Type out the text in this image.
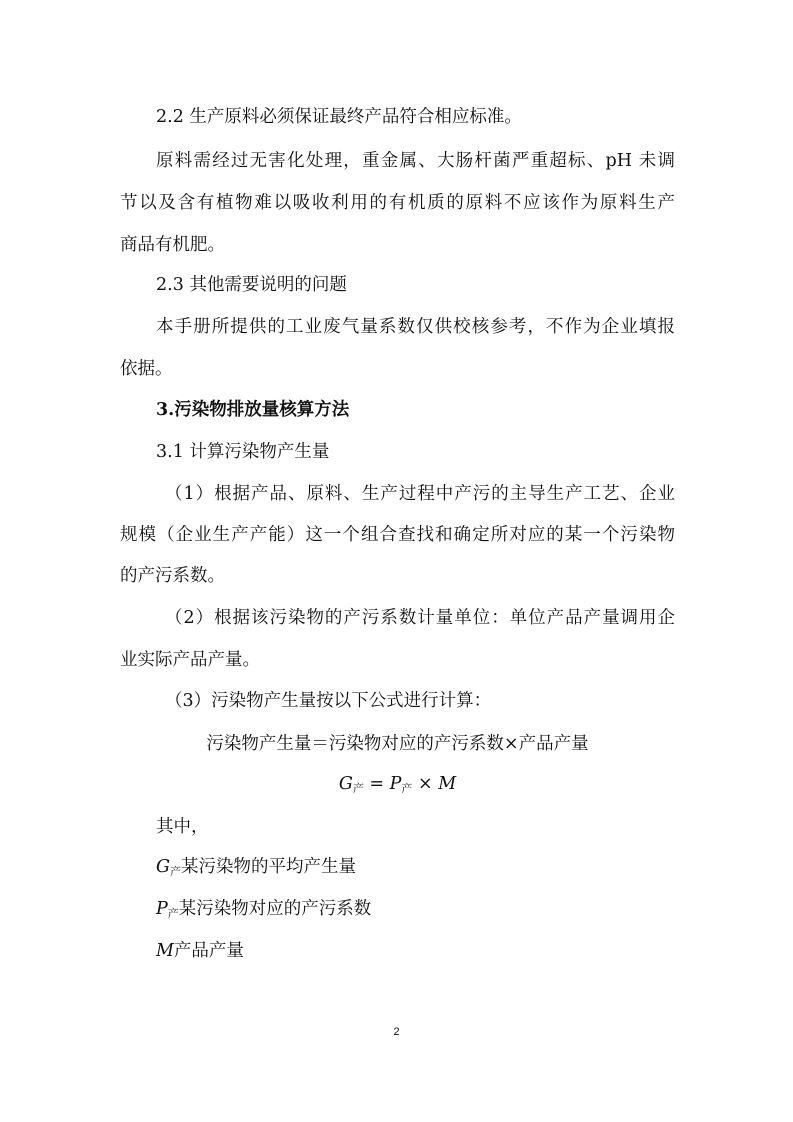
2.2 生产原料必须保证最终产品符合相应标准。
原料需经过无害化处理，重金属、大肠杆菌严重超标、pH 未调
节以及含有植物难以吸收利用的有机质的原料不应该作为原料生产
商品有机肥。
2.3 其他需要说明的问题
本手册所提供的工业废气量系数仅供校核参考，不作为企业填报
依据。
3.污染物排放量核算方法
3.1 计算污染物产生量
（1）根据产品、原料、生产过程中产污的主导生产工艺、企业
规模（企业生产产能）这一个组合查找和确定所对应的某一个污染物
的产污系数。
（2）根据该污染物的产污系数计量单位：单位产品产量调用企
业实际产品产量。
（3）污染物产生量按以下公式进行计算：
污染物产生量＝污染物对应的产污系数×产品产量
$G_产 = P_产 \times M$
其中，
$G_产$某污染物的平均产生量
$P_产$某污染物对应的产污系数
M产品产量
2
